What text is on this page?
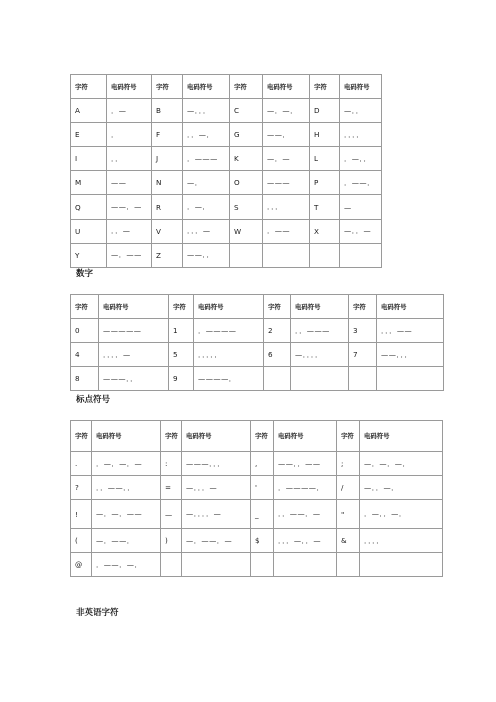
字符	电码符号	字符	电码符号	字符	电码符号	字符	电码符号
A	．—	B	—．．．	C	—．—．	D	—．．
E	．	F	．．—．	G	——．	H	．．．．
I	．．	J	．———	K	—．—	L	．—．．
M	——	N	—．	O	———	P	．——．
Q	——．—	R	．—．	S	．．．	T	—
U	．．—	V	．．．—	W	．——	X	—．．—
Y	—．——	Z	——．．				

数字

字符	电码符号	字符	电码符号	字符	电码符号	字符	电码符号
0	—————	1	．————	2	．．———	3	．．．——
4	．．．．—	5	．．．．．	6	—．．．．	7	——．．．
8	———．．	9	————．				

标点符号

字符	电码符号	字符	电码符号	字符	电码符号	字符	电码符号
.	．—．—．—	:	———．．．	,	——．．——	;	—．—．—．
?	．．——．．	=	—．．．—	'	．————．	/	—．．—．
!	—．—．——	—	—．．．．—	_	．．——．—	"	．—．．—．
(	—．——．	)	—．——．—	$	．．．—．．—	&	．．．．
@	．——．—．						

非英语字符
